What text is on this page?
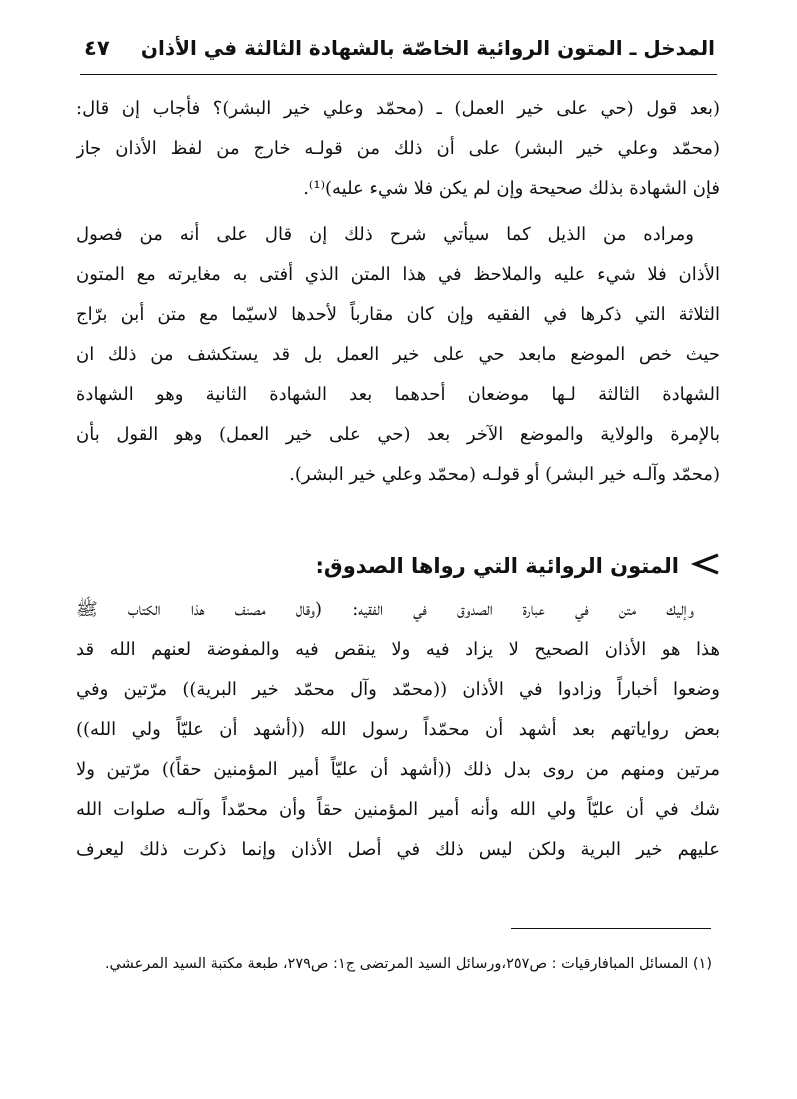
المدخل ـ المتون الروائية الخاصّة بالشهادة الثالثة في الأذان
٤٧
(بعد قول (حي على خير العمل) ـ (محمّد وعلي خير البشر)؟ فأجاب إن قال:
(محمّد وعلي خير البشر) على أن ذلك من قولـه خارج من لفظ الأذان جاز
فإن الشهادة بذلك صحيحة وإن لم يكن فلا شيء عليه)⁽¹⁾.
ومراده من الذيل كما سيأتي شرح ذلك إن قال على أنه من فصول
الأذان فلا شيء عليه والملاحظ في هذا المتن الذي أفتى به مغايرته مع المتون
الثلاثة التي ذكرها في الفقيه وإن كان مقارباً لأحدها لاسيّما مع متن أبن برّاج
حيث خص الموضع مابعد حي على خير العمل بل قد يستكشف من ذلك ان
الشهادة الثالثة لـها موضعان أحدهما بعد الشهادة الثانية وهو الشهادة
بالإمرة والولاية والموضع الآخر بعد (حي على خير العمل) وهو القول بأن
(محمّد وآلـه خير البشر) أو قولـه (محمّد وعلي خير البشر).
المتون الروائية التي رواها الصدوق:
وإليك متن في عبارة الصدوق في الفقيه: (وقال مصنف هذا الكتاب ﷺ
هذا هو الأذان الصحيح لا يزاد فيه ولا ينقص فيه والمفوضة لعنهم الله قد
وضعوا أخباراً وزادوا في الأذان ((محمّد وآل محمّد خير البرية)) مرّتين وفي
بعض رواياتهم بعد أشهد أن محمّداً رسول الله ((أشهد أن عليّاً ولي الله))
مرتين ومنهم من روى بدل ذلك ((أشهد أن عليّاً أمير المؤمنين حقاً)) مرّتين ولا
شك في أن عليّاً ولي الله وأنه أمير المؤمنين حقاً وأن محمّداً وآلـه صلوات الله
عليهم خير البرية ولكن ليس ذلك في أصل الأذان وإنما ذكرت ذلك ليعرف
(١) المسائل المبافارقيات : ص٢٥٧،ورسائل السيد المرتضى ج١: ص٢٧٩، طبعة مكتبة السيد المرعشي.
